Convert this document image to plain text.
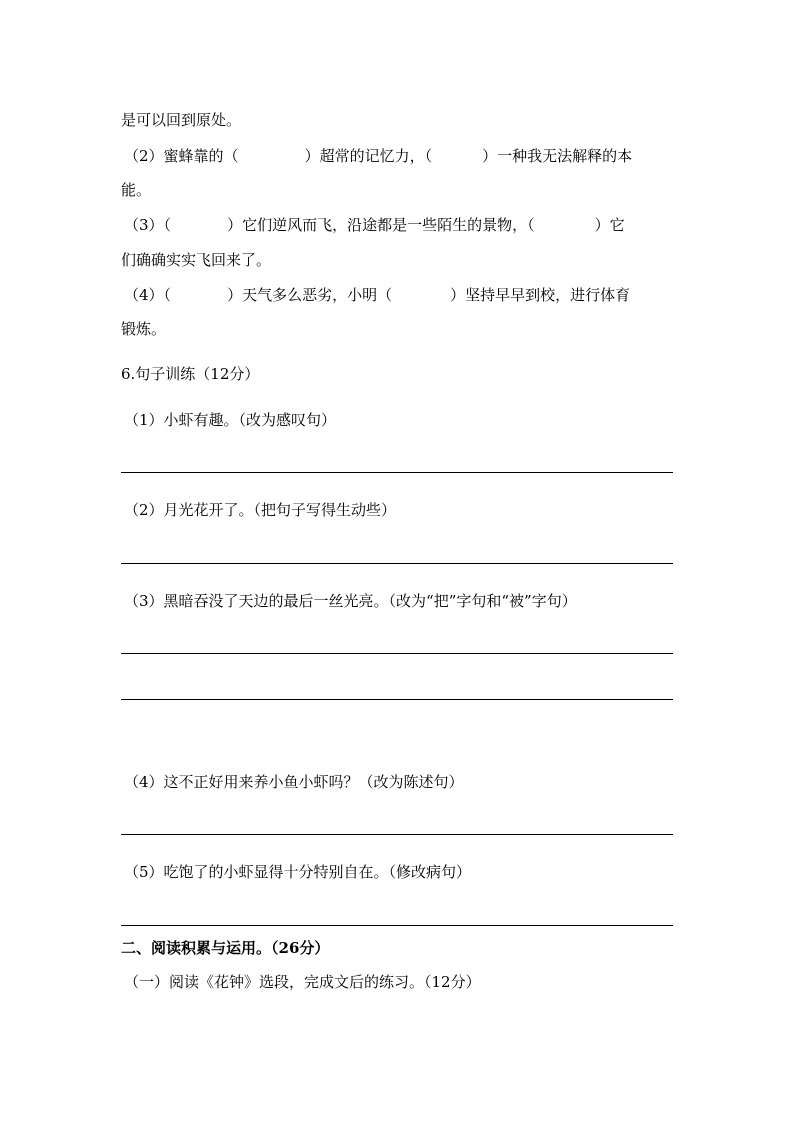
是可以回到原处。
（2）蜜蜂靠的（	）超常的记忆力，（	）一种我无法解释的本
能。
（3）（	）它们逆风而飞，沿途都是一些陌生的景物，（	）它
们确确实实飞回来了。
（4）（	）天气多么恶劣，小明（	）坚持早早到校，进行体育
锻炼。
6.句子训练（12分）
（1）小虾有趣。（改为感叹句）
（2）月光花开了。（把句子写得生动些）
（3）黑暗吞没了天边的最后一丝光亮。（改为“把”字句和“被”字句）
（4）这不正好用来养小鱼小虾吗？（改为陈述句）
（5）吃饱了的小虾显得十分特别自在。（修改病句）
二、阅读积累与运用。（26分）
（一）阅读《花钟》选段，完成文后的练习。（12分）
